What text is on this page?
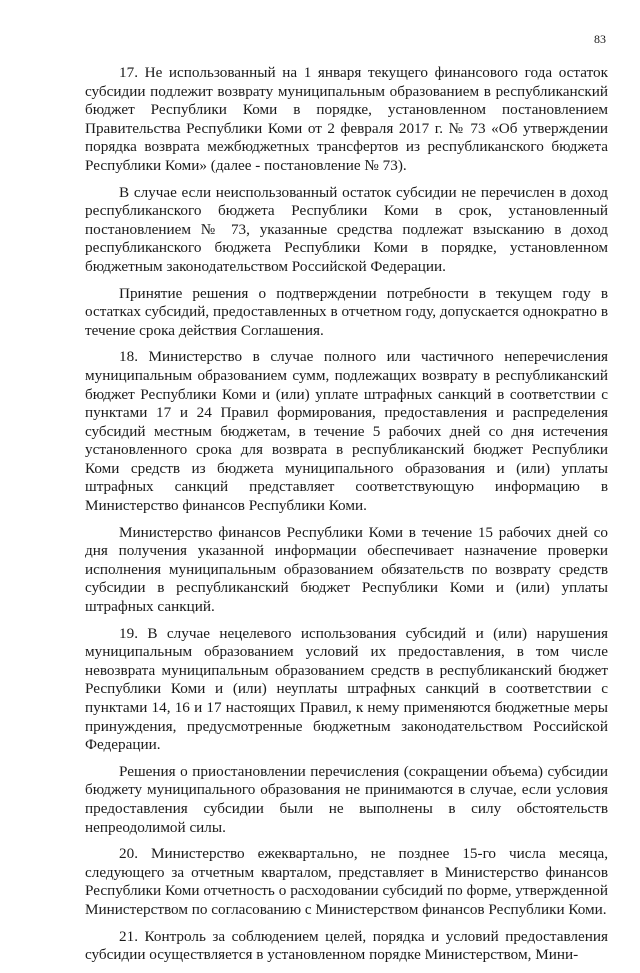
83

17. Не использованный на 1 января текущего финансового года остаток субсидии подлежит возврату муниципальным образованием в республиканский бюджет Республики Коми в порядке, установленном постановлением Правительства Республики Коми от 2 февраля 2017 г. № 73 «Об утверждении порядка возврата межбюджетных трансфертов из республиканского бюджета Республики Коми» (далее - постановление № 73).

В случае если неиспользованный остаток субсидии не перечислен в доход республиканского бюджета Республики Коми в срок, установленный постановлением № 73, указанные средства подлежат взысканию в доход республиканского бюджета Республики Коми в порядке, установленном бюджетным законодательством Российской Федерации.

Принятие решения о подтверждении потребности в текущем году в остатках субсидий, предоставленных в отчетном году, допускается однократно в течение срока действия Соглашения.

18. Министерство в случае полного или частичного неперечисления муниципальным образованием сумм, подлежащих возврату в республиканский бюджет Республики Коми и (или) уплате штрафных санкций в соответствии с пунктами 17 и 24 Правил формирования, предоставления и распределения субсидий местным бюджетам, в течение 5 рабочих дней со дня истечения установленного срока для возврата в республиканский бюджет Республики Коми средств из бюджета муниципального образования и (или) уплаты штрафных санкций представляет соответствующую информацию в Министерство финансов Республики Коми.

Министерство финансов Республики Коми в течение 15 рабочих дней со дня получения указанной информации обеспечивает назначение проверки исполнения муниципальным образованием обязательств по возврату средств субсидии в республиканский бюджет Республики Коми и (или) уплаты штрафных санкций.

19. В случае нецелевого использования субсидий и (или) нарушения муниципальным образованием условий их предоставления, в том числе невозврата муниципальным образованием средств в республиканский бюджет Республики Коми и (или) неуплаты штрафных санкций в соответствии с пунктами 14, 16 и 17 настоящих Правил, к нему применяются бюджетные меры принуждения, предусмотренные бюджетным законодательством Российской Федерации.

Решения о приостановлении перечисления (сокращении объема) субсидии бюджету муниципального образования не принимаются в случае, если условия предоставления субсидии были не выполнены в силу обстоятельств непреодолимой силы.

20. Министерство ежеквартально, не позднее 15-го числа месяца, следующего за отчетным кварталом, представляет в Министерство финансов Республики Коми отчетность о расходовании субсидий по форме, утвержденной Министерством по согласованию с Министерством финансов Республики Коми.

21. Контроль за соблюдением целей, порядка и условий предоставления субсидии осуществляется в установленном порядке Министерством, Мини-
